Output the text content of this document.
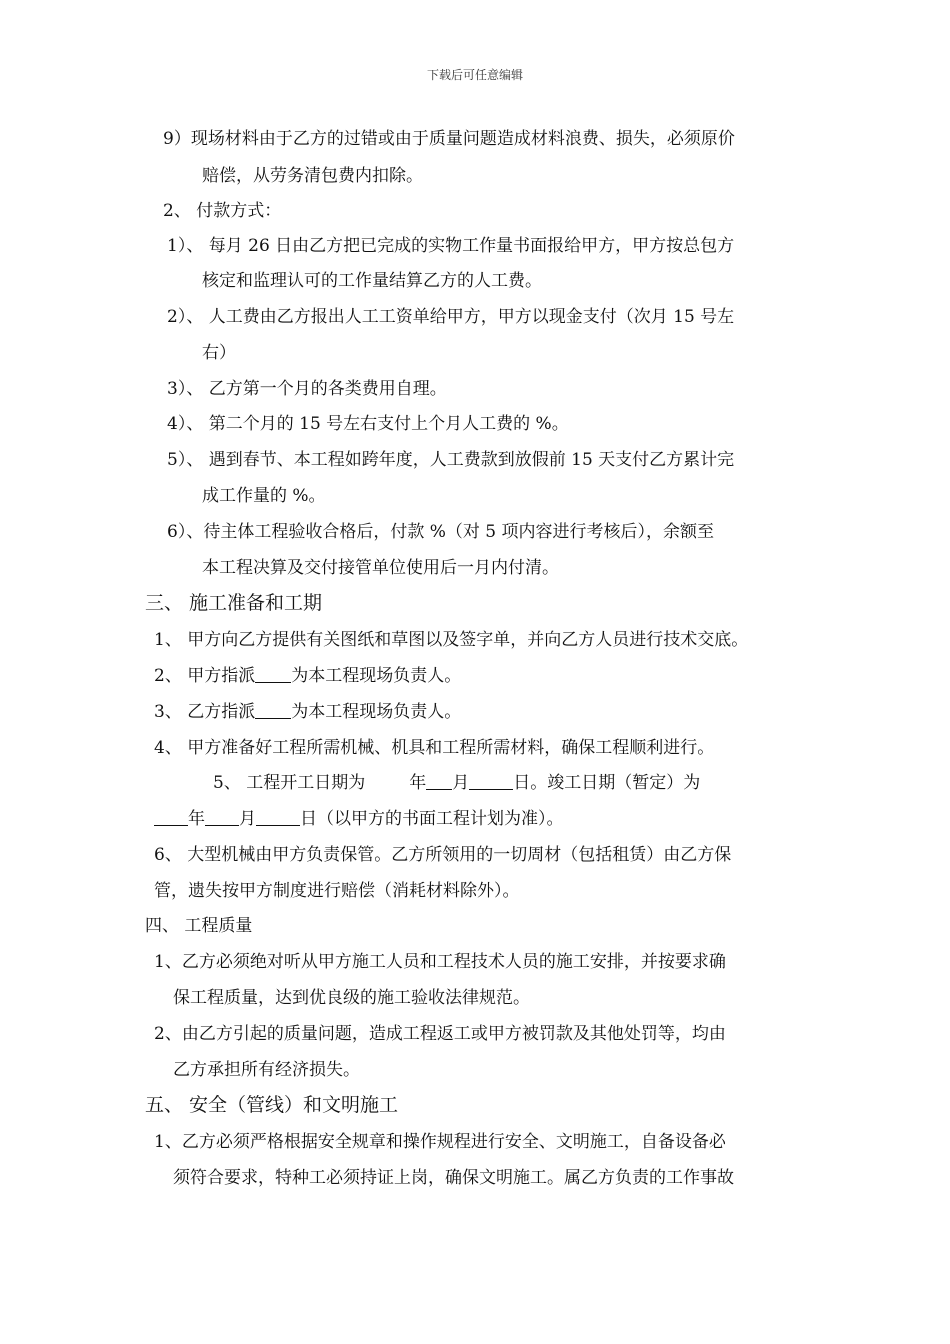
下载后可任意编辑
9）现场材料由于乙方的过错或由于质量问题造成材料浪费、损失，必须原价
赔偿，从劳务清包费内扣除。
2、 付款方式：
1）、 每月 26 日由乙方把已完成的实物工作量书面报给甲方，甲方按总包方
核定和监理认可的工作量结算乙方的人工费。
2）、 人工费由乙方报出人工工资单给甲方，甲方以现金支付（次月 15 号左
右）
3）、 乙方第一个月的各类费用自理。
4）、 第二个月的 15 号左右支付上个月人工费的 %。
5）、 遇到春节、本工程如跨年度，人工费款到放假前 15 天支付乙方累计完
成工作量的 %。
6）、待主体工程验收合格后，付款 %（对 5 项内容进行考核后），余额至
本工程决算及交付接管单位使用后一月内付清。
三、 施工准备和工期
1、 甲方向乙方提供有关图纸和草图以及签字单，并向乙方人员进行技术交底。
2、 甲方指派 为本工程现场负责人。
3、 乙方指派 为本工程现场负责人。
4、 甲方准备好工程所需机械、机具和工程所需材料，确保工程顺利进行。
5、 工程开工日期为	年 月	日。竣工日期（暂定）为
年 月	日（以甲方的书面工程计划为准）。
6、 大型机械由甲方负责保管。乙方所领用的一切周材（包括租赁）由乙方保
管，遗失按甲方制度进行赔偿（消耗材料除外）。
四、 工程质量
1、乙方必须绝对听从甲方施工人员和工程技术人员的施工安排，并按要求确
保工程质量，达到优良级的施工验收法律规范。
2、由乙方引起的质量问题，造成工程返工或甲方被罚款及其他处罚等，均由
乙方承担所有经济损失。
五、 安全（管线）和文明施工
1、乙方必须严格根据安全规章和操作规程进行安全、文明施工，自备设备必
须符合要求，特种工必须持证上岗，确保文明施工。属乙方负责的工作事故
